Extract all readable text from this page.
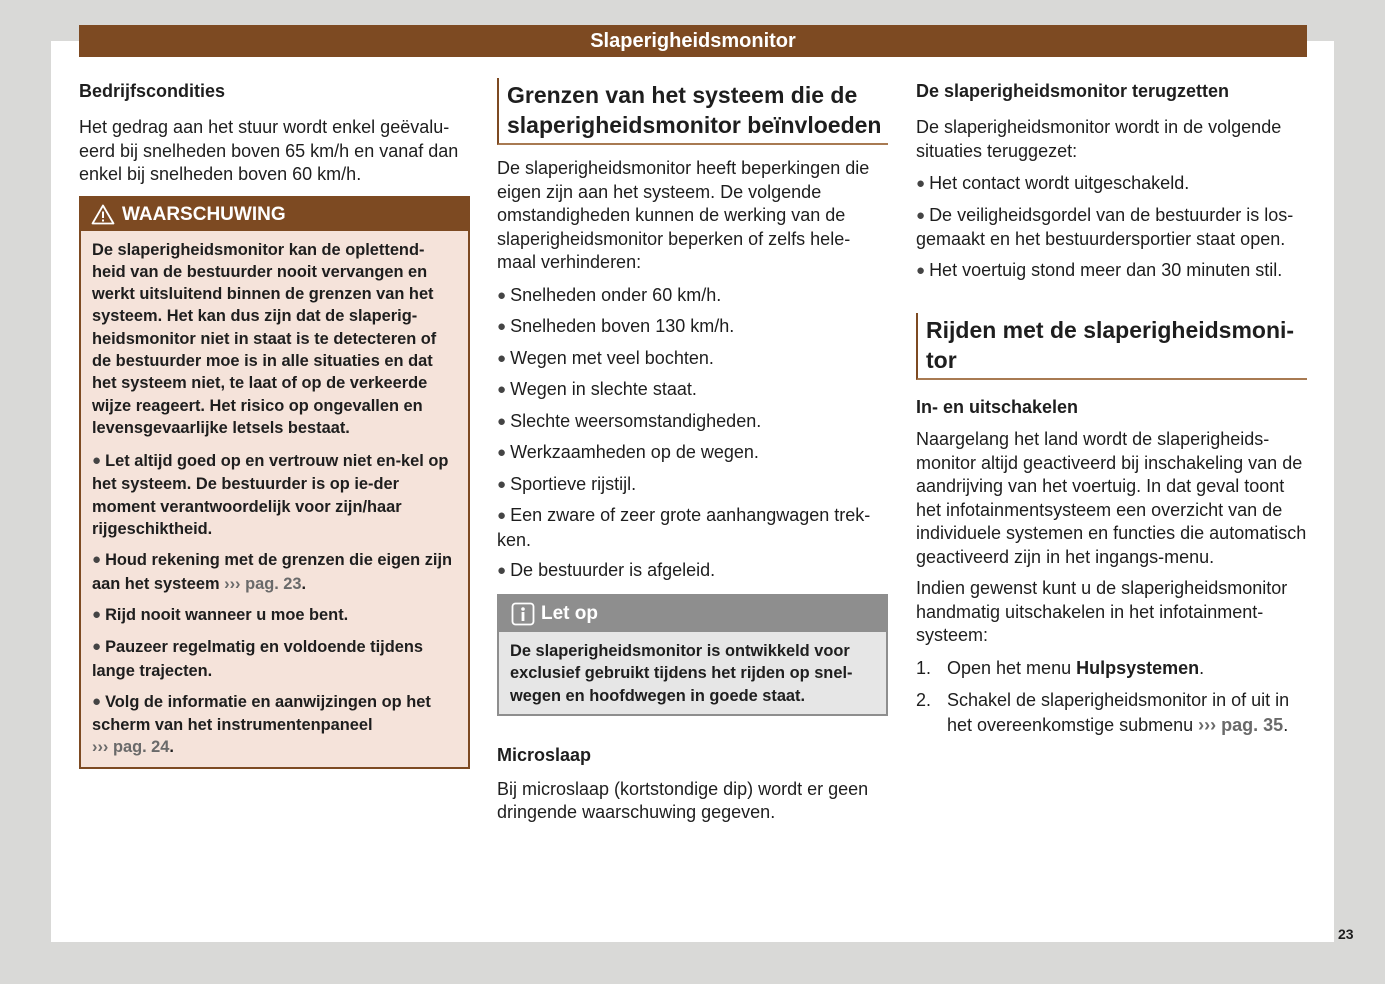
Slaperigheidsmonitor
Bedrijfscondities
Het gedrag aan het stuur wordt enkel geëvalu-eerd bij snelheden boven 65 km/h en vanaf dan enkel bij snelheden boven 60 km/h.
WAARSCHUWING
De slaperigheidsmonitor kan de oplettend-heid van de bestuurder nooit vervangen en werkt uitsluitend binnen de grenzen van het systeem. Het kan dus zijn dat de slaperig-heidsmonitor niet in staat is te detecteren of de bestuurder moe is in alle situaties en dat het systeem niet, te laat of op de verkeerde wijze reageert. Het risico op ongevallen en levensgevaarlijke letsels bestaat.
● Let altijd goed op en vertrouw niet en-kel op het systeem. De bestuurder is op ie-der moment verantwoordelijk voor zijn/haar rijgeschiktheid.
● Houd rekening met de grenzen die eigen zijn aan het systeem ››› pag. 23.
● Rijd nooit wanneer u moe bent.
● Pauzeer regelmatig en voldoende tijdens lange trajecten.
● Volg de informatie en aanwijzingen op het scherm van het instrumentenpaneel
››› pag. 24.
Grenzen van het systeem die de slaperigheidsmonitor beïnvloeden
De slaperigheidsmonitor heeft beperkingen die eigen zijn aan het systeem. De volgende omstandigheden kunnen de werking van de slaperigheidsmonitor beperken of zelfs hele-maal verhinderen:
● Snelheden onder 60 km/h.
● Snelheden boven 130 km/h.
● Wegen met veel bochten.
● Wegen in slechte staat.
● Slechte weersomstandigheden.
● Werkzaamheden op de wegen.
● Sportieve rijstijl.
● Een zware of zeer grote aanhangwagen trek-ken.
● De bestuurder is afgeleid.
Let op
De slaperigheidsmonitor is ontwikkeld voor exclusief gebruikt tijdens het rijden op snel-wegen en hoofdwegen in goede staat.
Microslaap
Bij microslaap (kortstondige dip) wordt er geen dringende waarschuwing gegeven.
De slaperigheidsmonitor terugzetten
De slaperigheidsmonitor wordt in de volgende situaties teruggezet:
● Het contact wordt uitgeschakeld.
● De veiligheidsgordel van de bestuurder is los-gemaakt en het bestuurdersportier staat open.
● Het voertuig stond meer dan 30 minuten stil.
Rijden met de slaperigheidsmoni-tor
In- en uitschakelen
Naargelang het land wordt de slaperigheids-monitor altijd geactiveerd bij inschakeling van de aandrijving van het voertuig. In dat geval toont het infotainmentsysteem een overzicht van de individuele systemen en functies die automatisch geactiveerd zijn in het ingangs-menu.
Indien gewenst kunt u de slaperigheidsmonitor handmatig uitschakelen in het infotainment-systeem:
1. Open het menu Hulpsystemen.
2. Schakel de slaperigheidsmonitor in of uit in het overeenkomstige submenu ››› pag. 35.
23
